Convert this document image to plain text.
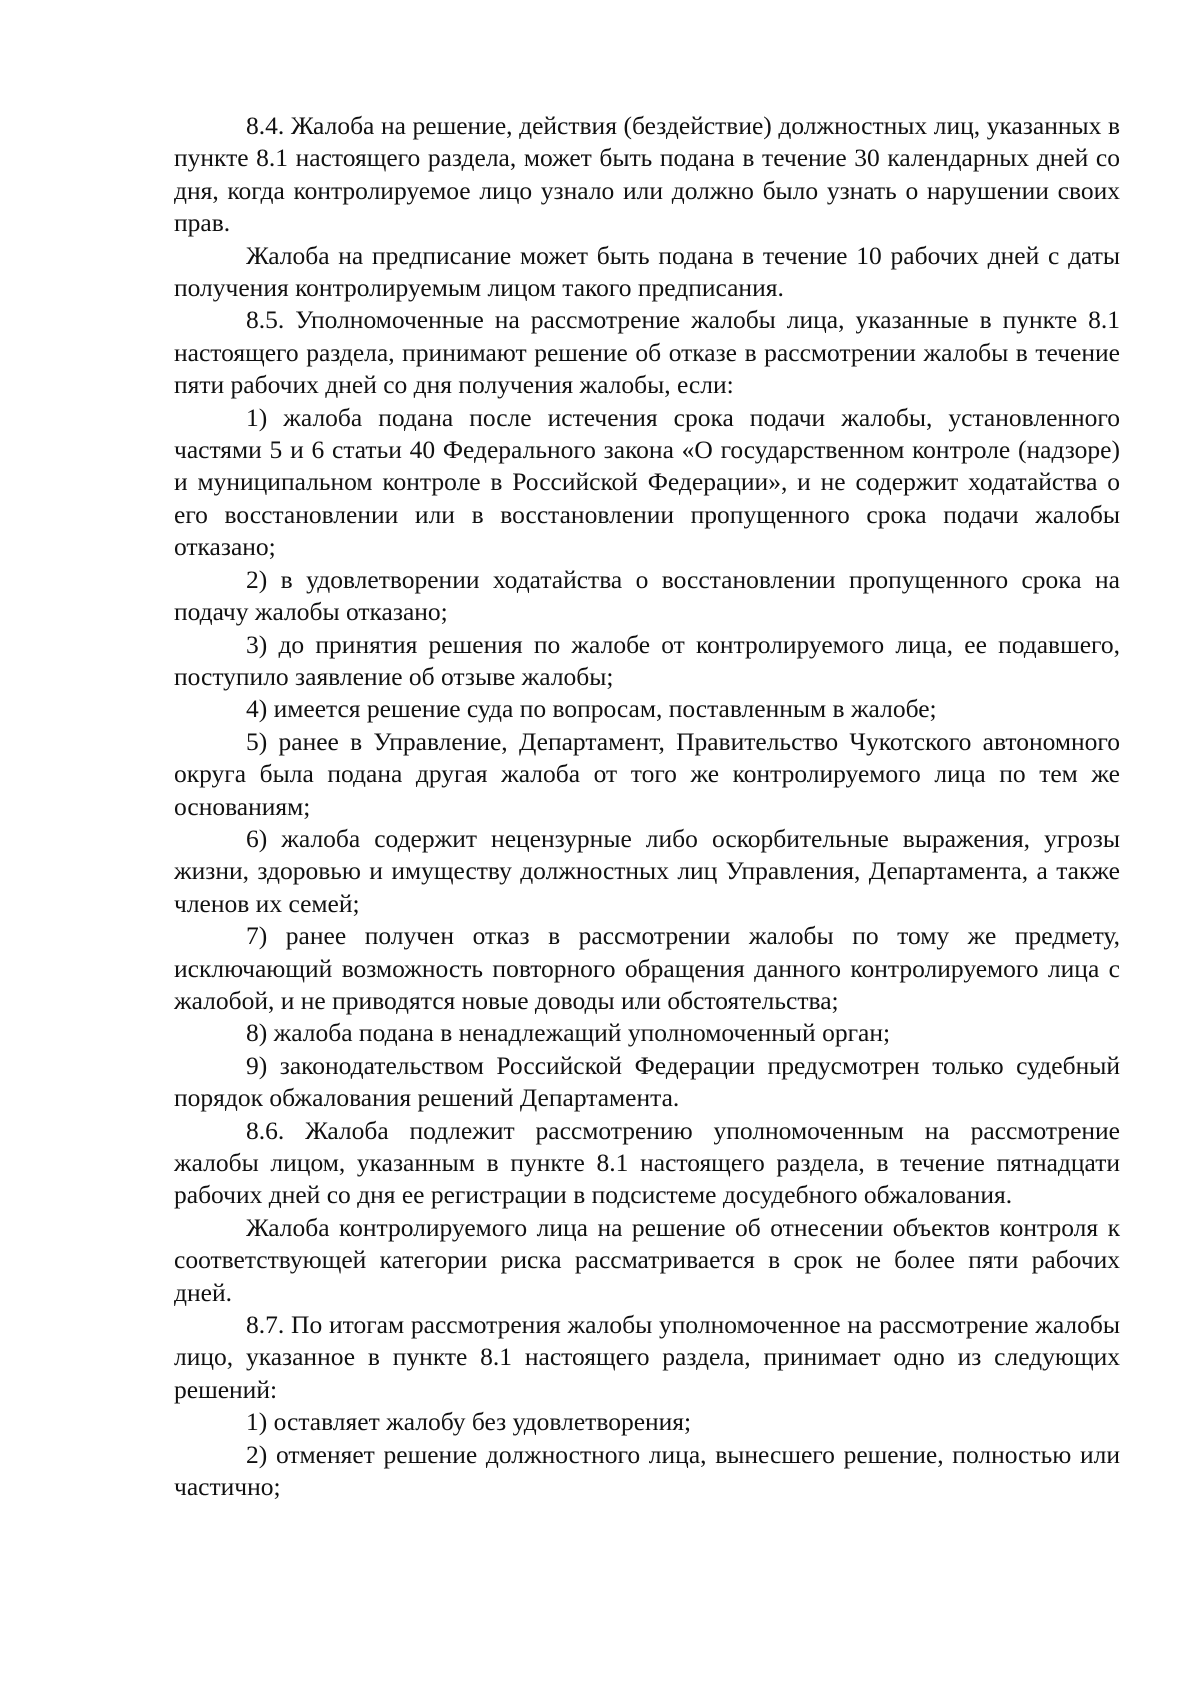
8.4. Жалоба на решение, действия (бездействие) должностных лиц, указанных в пункте 8.1 настоящего раздела, может быть подана в течение 30 календарных дней со дня, когда контролируемое лицо узнало или должно было узнать о нарушении своих прав.

Жалоба на предписание может быть подана в течение 10 рабочих дней с даты получения контролируемым лицом такого предписания.

8.5. Уполномоченные на рассмотрение жалобы лица, указанные в пункте 8.1 настоящего раздела, принимают решение об отказе в рассмотрении жалобы в течение пяти рабочих дней со дня получения жалобы, если:

1) жалоба подана после истечения срока подачи жалобы, установленного частями 5 и 6 статьи 40 Федерального закона «О государственном контроле (надзоре) и муниципальном контроле в Российской Федерации», и не содержит ходатайства о его восстановлении или в восстановлении пропущенного срока подачи жалобы отказано;

2) в удовлетворении ходатайства о восстановлении пропущенного срока на подачу жалобы отказано;

3) до принятия решения по жалобе от контролируемого лица, ее подавшего, поступило заявление об отзыве жалобы;

4) имеется решение суда по вопросам, поставленным в жалобе;

5) ранее в Управление, Департамент, Правительство Чукотского автономного округа была подана другая жалоба от того же контролируемого лица по тем же основаниям;

6) жалоба содержит нецензурные либо оскорбительные выражения, угрозы жизни, здоровью и имуществу должностных лиц Управления, Департамента, а также членов их семей;

7) ранее получен отказ в рассмотрении жалобы по тому же предмету, исключающий возможность повторного обращения данного контролируемого лица с жалобой, и не приводятся новые доводы или обстоятельства;

8) жалоба подана в ненадлежащий уполномоченный орган;

9) законодательством Российской Федерации предусмотрен только судебный порядок обжалования решений Департамента.

8.6. Жалоба подлежит рассмотрению уполномоченным на рассмотрение жалобы лицом, указанным в пункте 8.1 настоящего раздела, в течение пятнадцати рабочих дней со дня ее регистрации в подсистеме досудебного обжалования.

Жалоба контролируемого лица на решение об отнесении объектов контроля к соответствующей категории риска рассматривается в срок не более пяти рабочих дней.

8.7. По итогам рассмотрения жалобы уполномоченное на рассмотрение жалобы лицо, указанное в пункте 8.1 настоящего раздела, принимает одно из следующих решений:

1) оставляет жалобу без удовлетворения;

2) отменяет решение должностного лица, вынесшего решение, полностью или частично;
